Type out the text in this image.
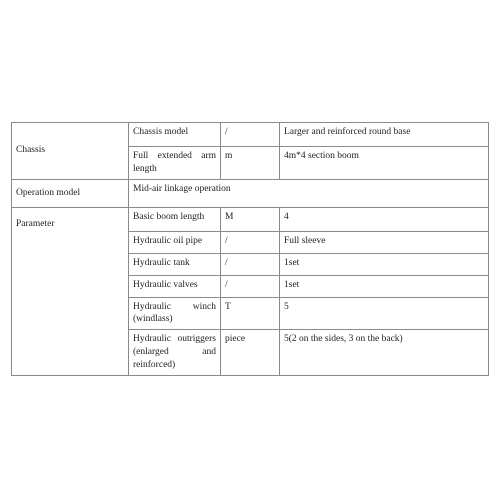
Chassis	Chassis model	/	Larger and reinforced round base
	Full extended arm length	m	4m*4 section boom
Operation model	Mid-air linkage operation		
Parameter	Basic boom length	M	4
	Hydraulic oil pipe	/	Full sleeve
	Hydraulic tank	/	1set
	Hydraulic valves	/	1set
	Hydraulic winch (windlass)	T	5
	Hydraulic outriggers (enlarged and reinforced)	piece	5(2 on the sides, 3 on the back)
